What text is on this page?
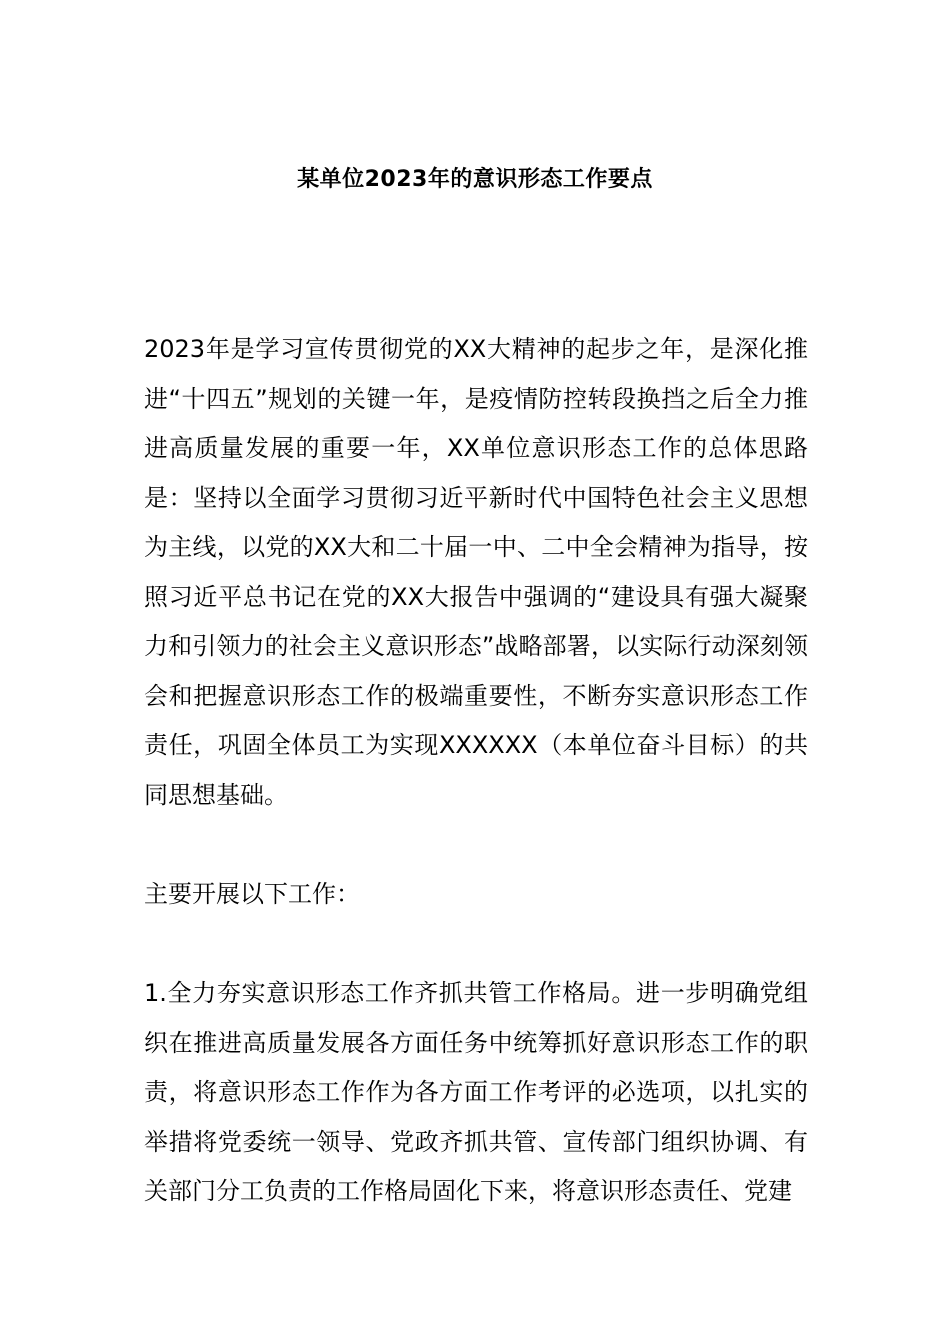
某单位2023年的意识形态工作要点

2023年是学习宣传贯彻党的XX大精神的起步之年，是深化推进“十四五”规划的关键一年，是疫情防控转段换挡之后全力推进高质量发展的重要一年，XX单位意识形态工作的总体思路是：坚持以全面学习贯彻习近平新时代中国特色社会主义思想为主线，以党的XX大和二十届一中、二中全会精神为指导，按照习近平总书记在党的XX大报告中强调的“建设具有强大凝聚力和引领力的社会主义意识形态”战略部署，以实际行动深刻领会和把握意识形态工作的极端重要性，不断夯实意识形态工作责任，巩固全体员工为实现XXXXXX（本单位奋斗目标）的共同思想基础。

主要开展以下工作：

1.全力夯实意识形态工作齐抓共管工作格局。进一步明确党组织在推进高质量发展各方面任务中统筹抓好意识形态工作的职责，将意识形态工作作为各方面工作考评的必选项，以扎实的举措将党委统一领导、党政齐抓共管、宣传部门组织协调、有关部门分工负责的工作格局固化下来，将意识形态责任、党建
